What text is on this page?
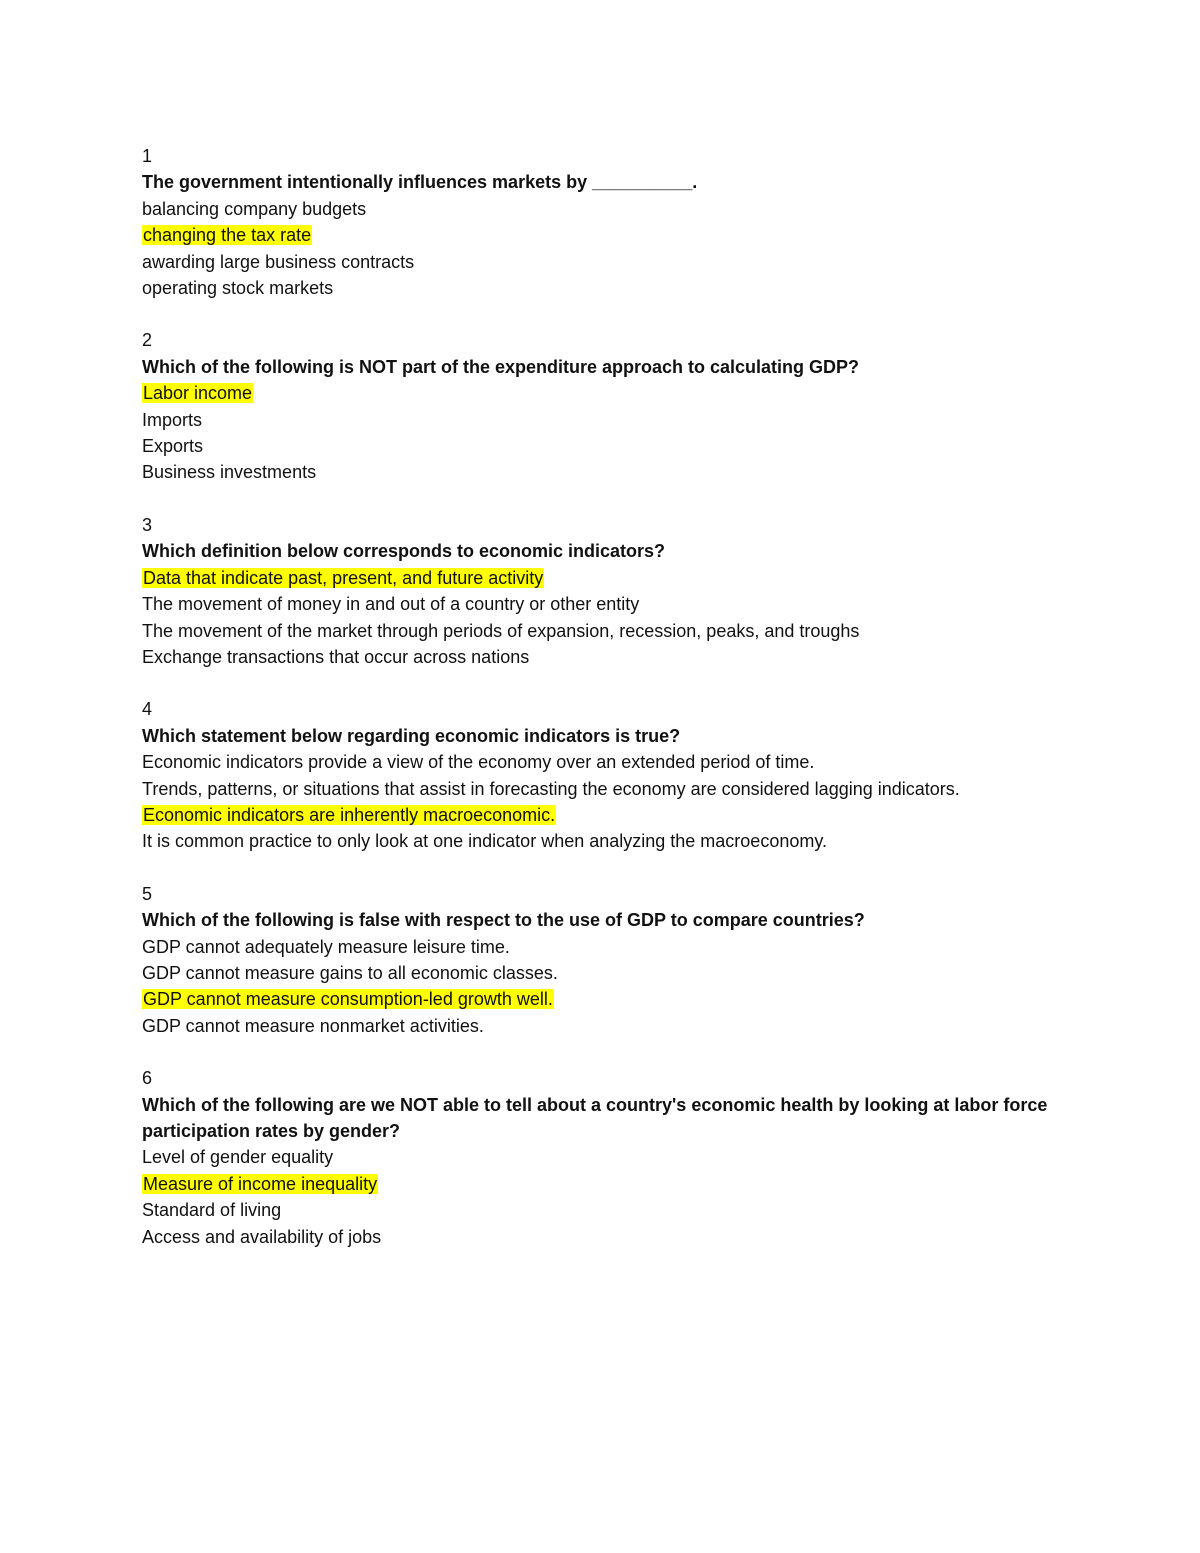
1
The government intentionally influences markets by __________.
balancing company budgets
changing the tax rate
awarding large business contracts
operating stock markets
2
Which of the following is NOT part of the expenditure approach to calculating GDP?
Labor income
Imports
Exports
Business investments
3
Which definition below corresponds to economic indicators?
Data that indicate past, present, and future activity
The movement of money in and out of a country or other entity
The movement of the market through periods of expansion, recession, peaks, and troughs
Exchange transactions that occur across nations
4
Which statement below regarding economic indicators is true?
Economic indicators provide a view of the economy over an extended period of time.
Trends, patterns, or situations that assist in forecasting the economy are considered lagging indicators.
Economic indicators are inherently macroeconomic.
It is common practice to only look at one indicator when analyzing the macroeconomy.
5
Which of the following is false with respect to the use of GDP to compare countries?
GDP cannot adequately measure leisure time.
GDP cannot measure gains to all economic classes.
GDP cannot measure consumption-led growth well.
GDP cannot measure nonmarket activities.
6
Which of the following are we NOT able to tell about a country's economic health by looking at labor force participation rates by gender?
Level of gender equality
Measure of income inequality
Standard of living
Access and availability of jobs
